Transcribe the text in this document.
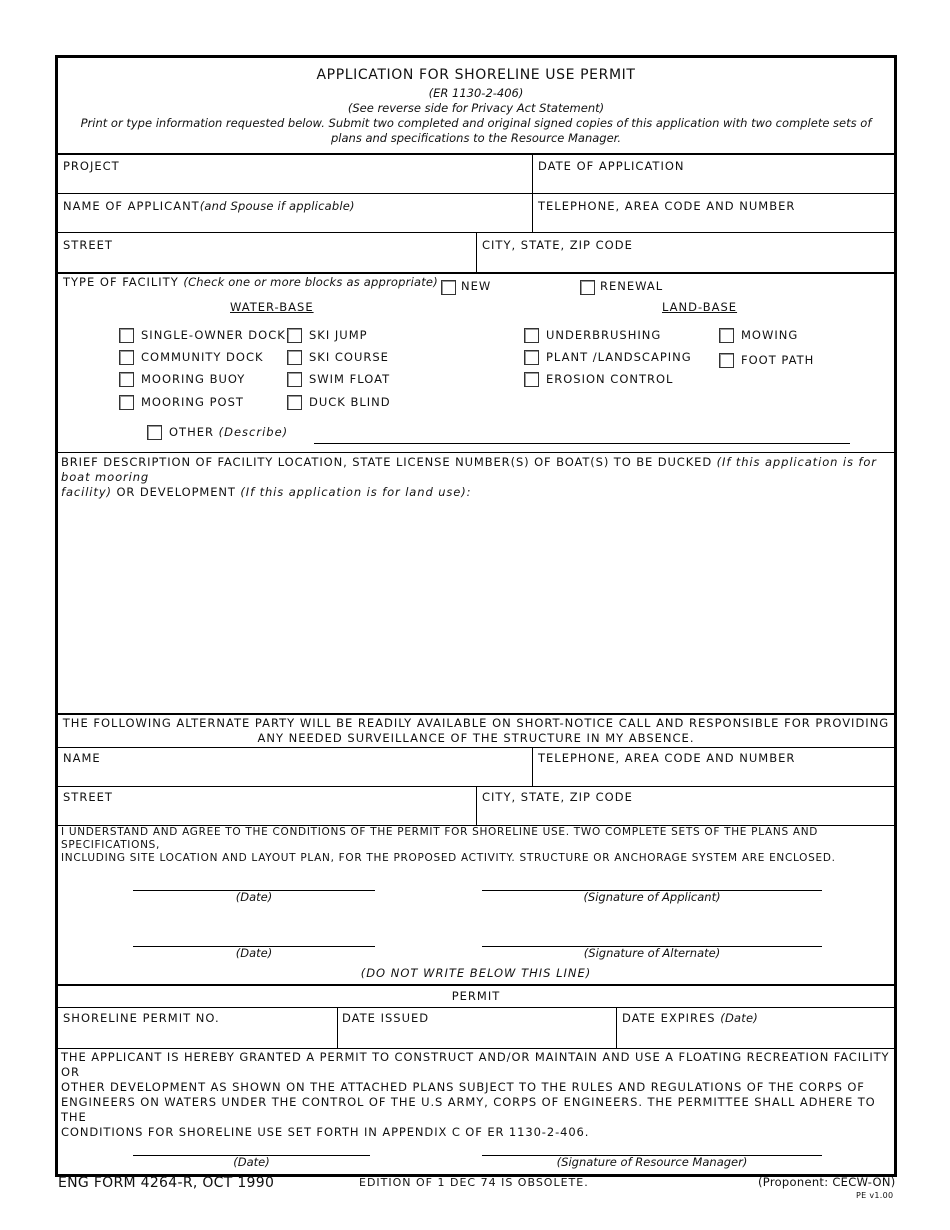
APPLICATION FOR SHORELINE USE PERMIT
(ER 1130-2-406)
(See reverse side for Privacy Act Statement)
Print or type information requested below. Submit two completed and original signed copies of this application with two complete sets of
plans and specifications to the Resource Manager.
PROJECT	DATE OF APPLICATION
NAME OF APPLICANT(and Spouse if applicable)	TELEPHONE, AREA CODE AND NUMBER
STREET	CITY, STATE, ZIP CODE
TYPE OF FACILITY (Check one or more blocks as appropriate) NEW	RENEWAL
WATER-BASE	LAND-BASE
SINGLE-OWNER DOCK
COMMUNITY DOCK
MOORING BUOY
MOORING POST
SKI JUMP
SKI COURSE
SWIM FLOAT
DUCK BLIND
UNDERBRUSHING
PLANT /LANDSCAPING
EROSION CONTROL
MOWING
FOOT PATH
OTHER (Describe)
BRIEF DESCRIPTION OF FACILITY LOCATION, STATE LICENSE NUMBER(S) OF BOAT(S) TO BE DUCKED (If this application is for boat mooring
facility) OR DEVELOPMENT (If this application is for land use):
THE FOLLOWING ALTERNATE PARTY WILL BE READILY AVAILABLE ON SHORT-NOTICE CALL AND RESPONSIBLE FOR PROVIDING
ANY NEEDED SURVEILLANCE OF THE STRUCTURE IN MY ABSENCE.
NAME	TELEPHONE, AREA CODE AND NUMBER
STREET	CITY, STATE, ZIP CODE
I UNDERSTAND AND AGREE TO THE CONDITIONS OF THE PERMIT FOR SHORELINE USE. TWO COMPLETE SETS OF THE PLANS AND SPECIFICATIONS,
INCLUDING SITE LOCATION AND LAYOUT PLAN, FOR THE PROPOSED ACTIVITY. STRUCTURE OR ANCHORAGE SYSTEM ARE ENCLOSED.
(Date)	(Signature of Applicant)
(Date)	(Signature of Alternate)
(DO NOT WRITE BELOW THIS LINE)
PERMIT
SHORELINE PERMIT NO.	DATE ISSUED	DATE EXPIRES (Date)
THE APPLICANT IS HEREBY GRANTED A PERMIT TO CONSTRUCT AND/OR MAINTAIN AND USE A FLOATING RECREATION FACILITY OR
OTHER DEVELOPMENT AS SHOWN ON THE ATTACHED PLANS SUBJECT TO THE RULES AND REGULATIONS OF THE CORPS OF
ENGINEERS ON WATERS UNDER THE CONTROL OF THE U.S ARMY, CORPS OF ENGINEERS. THE PERMITTEE SHALL ADHERE TO THE
CONDITIONS FOR SHORELINE USE SET FORTH IN APPENDIX C OF ER 1130-2-406.
(Date)	(Signature of Resource Manager)
ENG FORM 4264-R, OCT 1990	EDITION OF 1 DEC 74 IS OBSOLETE.	(Proponent: CECW-ON)
PE v1.00
